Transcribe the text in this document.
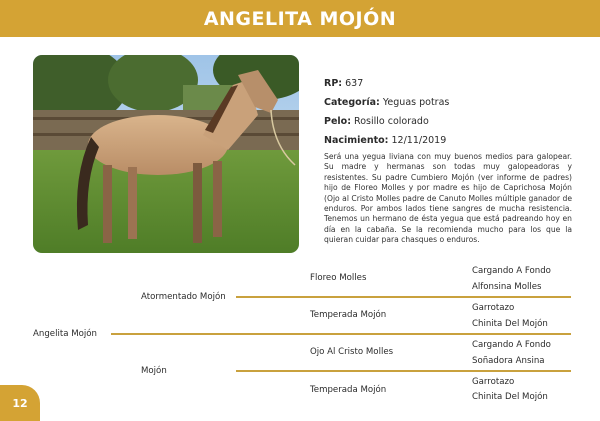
ANGELITA MOJÓN
RP: 637
Categoría: Yeguas potras
Pelo: Rosillo colorado
Nacimiento: 12/11/2019
Será una yegua liviana con muy buenos medios para galopear. Su madre y hermanas son todas muy galopeadoras y resistentes. Su padre Cumbiero Mojón (ver informe de padres) hijo de Floreo Molles y por madre es hijo de Caprichosa Mojón (Ojo al Cristo Molles padre de Canuto Molles múltiple ganador de enduros. Por ambos lados tiene sangres de mucha resistencia. Tenemos un hermano de ésta yegua que está padreando hoy en día en la cabaña. Se la recomienda mucho para los que la quieran cuidar para chasques o enduros.
Angelita Mojón
Atormentado Mojón
Mojón
Floreo Molles
Temperada Mojón
Ojo Al Cristo Molles
Temperada Mojón
Cargando A Fondo
Alfonsina Molles
Garrotazo
Chinita Del Mojón
Cargando A Fondo
Soñadora Ansina
Garrotazo
Chinita Del Mojón
12
